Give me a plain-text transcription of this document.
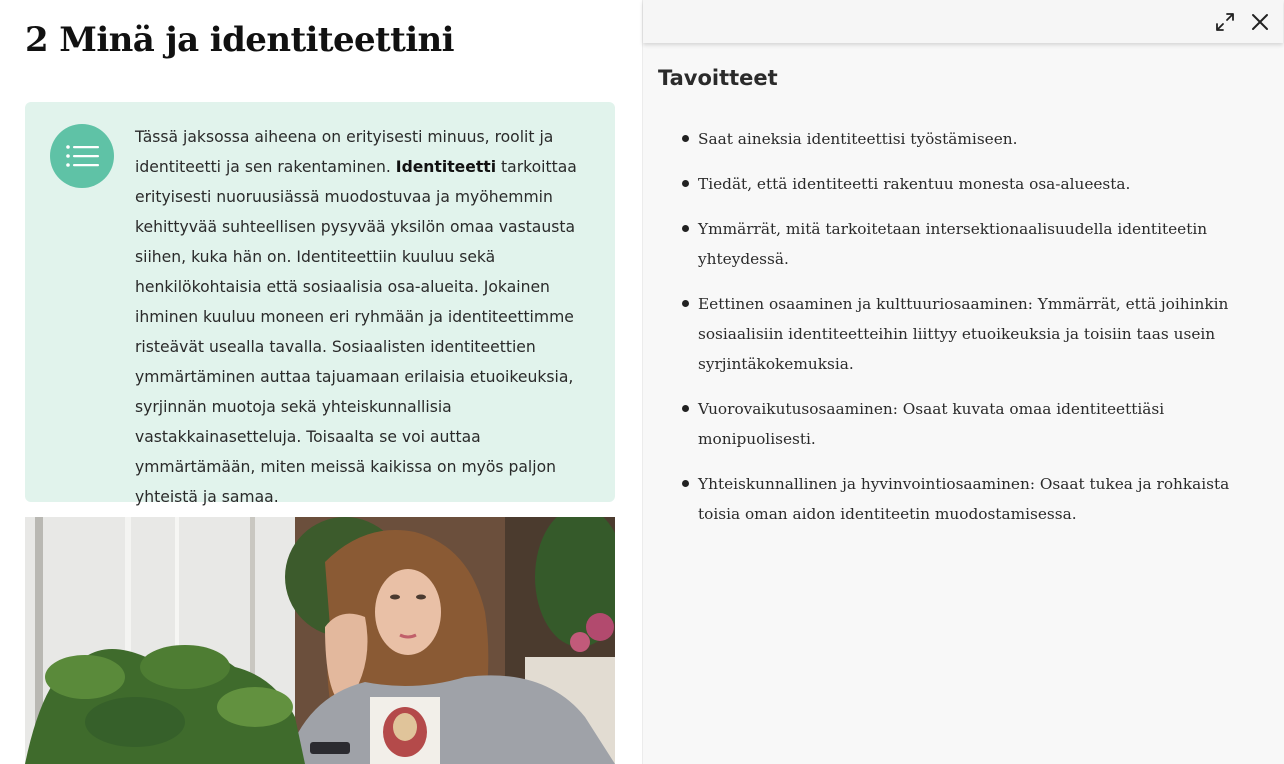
2 Minä ja identiteettini

Tässä jaksossa aiheena on erityisesti minuus, roolit ja identiteetti ja sen rakentaminen. Identiteetti tarkoittaa erityisesti nuoruusiässä muodostuvaa ja myöhemmin kehittyvää suhteellisen pysyvää yksilön omaa vastausta siihen, kuka hän on. Identiteettiin kuuluu sekä henkilökohtaisia että sosiaalisia osa-alueita. Jokainen ihminen kuuluu moneen eri ryhmään ja identiteettimme risteävät usealla tavalla. Sosiaalisten identiteettien ymmärtäminen auttaa tajuamaan erilaisia etuoikeuksia, syrjinnän muotoja sekä yhteiskunnallisia vastakkainasetteluja. Toisaalta se voi auttaa ymmärtämään, miten meissä kaikissa on myös paljon yhteistä ja samaa.

Tavoitteet
Saat aineksia identiteettisi työstämiseen.
Tiedät, että identiteetti rakentuu monesta osa-alueesta.
Ymmärrät, mitä tarkoitetaan intersektionaalisuudella identiteetin yhteydessä.
Eettinen osaaminen ja kulttuuriosaaminen: Ymmärrät, että joihinkin sosiaalisiin identiteetteihin liittyy etuoikeuksia ja toisiin taas usein syrjintäkokemuksia.
Vuorovaikutusosaaminen: Osaat kuvata omaa identiteettiäsi monipuolisesti.
Yhteiskunnallinen ja hyvinvointiosaaminen: Osaat tukea ja rohkaista toisia oman aidon identiteetin muodostamisessa.
